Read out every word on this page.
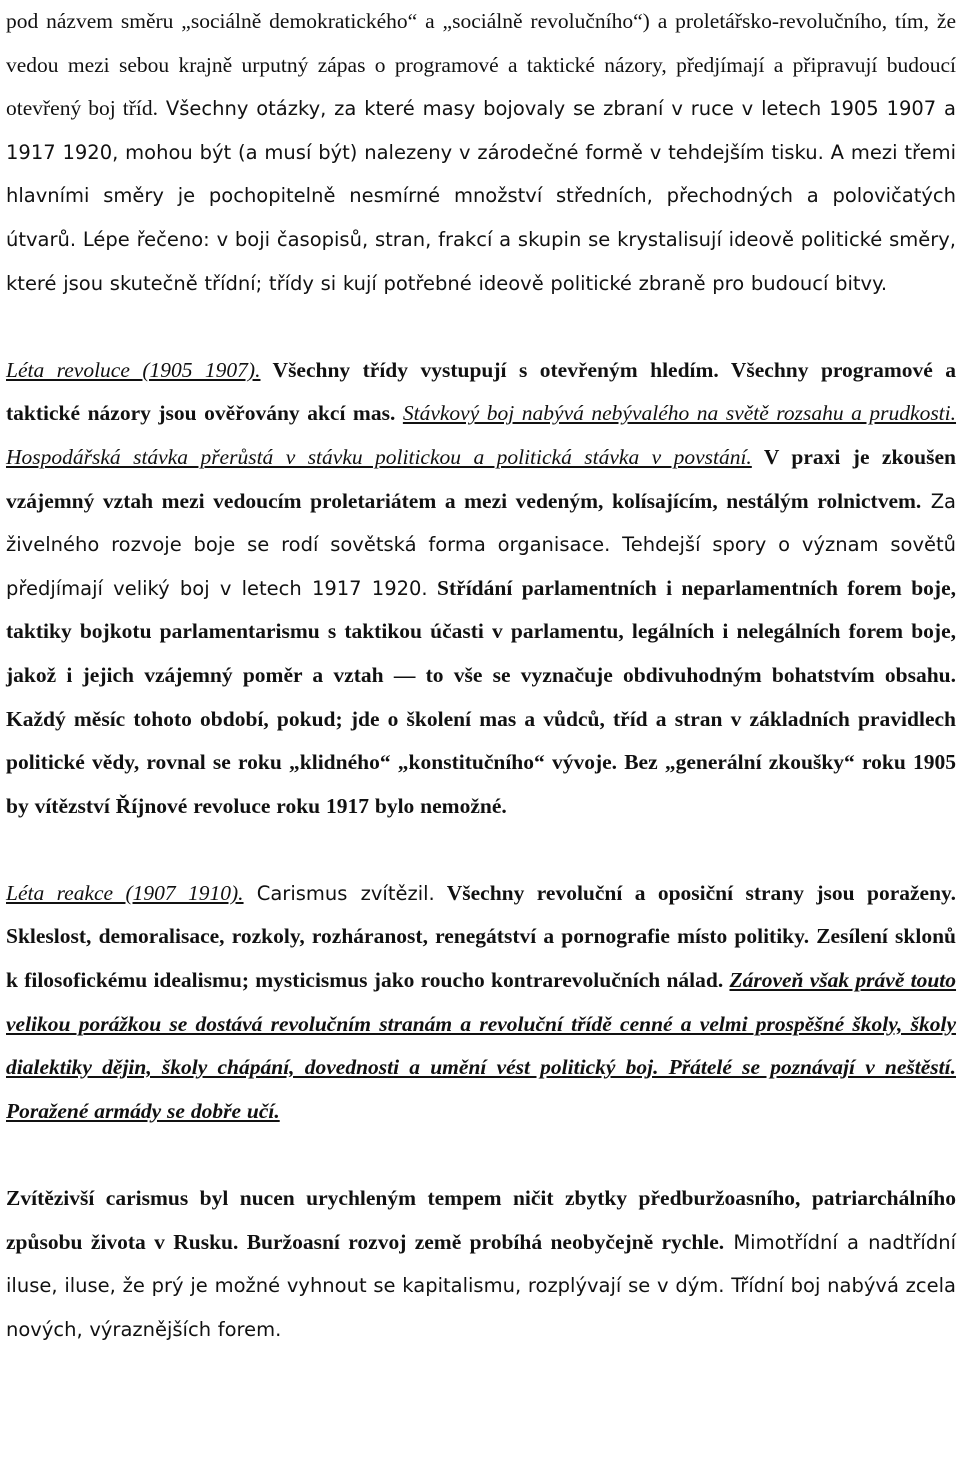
pod názvem směru „sociálně demokratického“ a „sociálně revolučního“) a proletářsko-revolučního, tím, že vedou mezi sebou krajně urputný zápas o programové a taktické názory, předjímají a připravují budoucí otevřený boj tříd. Všechny otázky, za které masy bojovaly se zbraní v ruce v letech 1905 1907 a 1917 1920, mohou být (a musí být) nalezeny v zárodečné formě v tehdejším tisku. A mezi třemi hlavními směry je pochopitelně nesmírné množství středních, přechodných a polovičatých útvarů. Lépe řečeno: v boji časopisů, stran, frakcí a skupin se krystalisují ideově politické směry, které jsou skutečně třídní; třídy si kují potřebné ideově politické zbraně pro budoucí bitvy.

Léta revoluce (1905 1907). Všechny třídy vystupují s otevřeným hledím. Všechny programové a taktické názory jsou ověřovány akcí mas. Stávkový boj nabývá nebývalého na světě rozsahu a prudkosti. Hospodářská stávka přerůstá v stávku politickou a politická stávka v povstání. V praxi je zkoušen vzájemný vztah mezi vedoucím proletariátem a mezi vedeným, kolísajícím, nestálým rolnictvem. Za živelného rozvoje boje se rodí sovětská forma organisace. Tehdejší spory o význam sovětů předjímají veliký boj v letech 1917 1920. Střídání parlamentních i neparlamentních forem boje, taktiky bojkotu parlamentarismu s taktikou účasti v parlamentu, legálních i nelegálních forem boje, jakož i jejich vzájemný poměr a vztah — to vše se vyznačuje obdivuhodným bohatstvím obsahu. Každý měsíc tohoto období, pokud; jde o školení mas a vůdců, tříd a stran v základních pravidlech politické vědy, rovnal se roku „klidného“ „konstitučního“ vývoje. Bez „generální zkoušky“ roku 1905 by vítězství Říjnové revoluce roku 1917 bylo nemožné.

Léta reakce (1907 1910). Carismus zvítězil. Všechny revoluční a oposiční strany jsou poraženy. Skleslost, demoralisace, rozkoly, rozháranost, renegátství a pornografie místo politiky. Zesílení sklonů k filosofickému idealismu; mysticismus jako roucho kontrarevolučních nálad. Zároveň však právě touto velikou porážkou se dostává revolučním stranám a revoluční třídě cenné a velmi prospěšné školy, školy dialektiky dějin, školy chápání, dovednosti a umění vést politický boj. Přátelé se poznávají v neštěstí. Poražené armády se dobře učí.

Zvítězivší carismus byl nucen urychleným tempem ničit zbytky předburžoasního, patriarchálního způsobu života v Rusku. Buržoasní rozvoj země probíhá neobyčejně rychle. Mimotřídní a nadtřídní iluse, iluse, že prý je možné vyhnout se kapitalismu, rozplývají se v dým. Třídní boj nabývá zcela nových, výraznějších forem.
